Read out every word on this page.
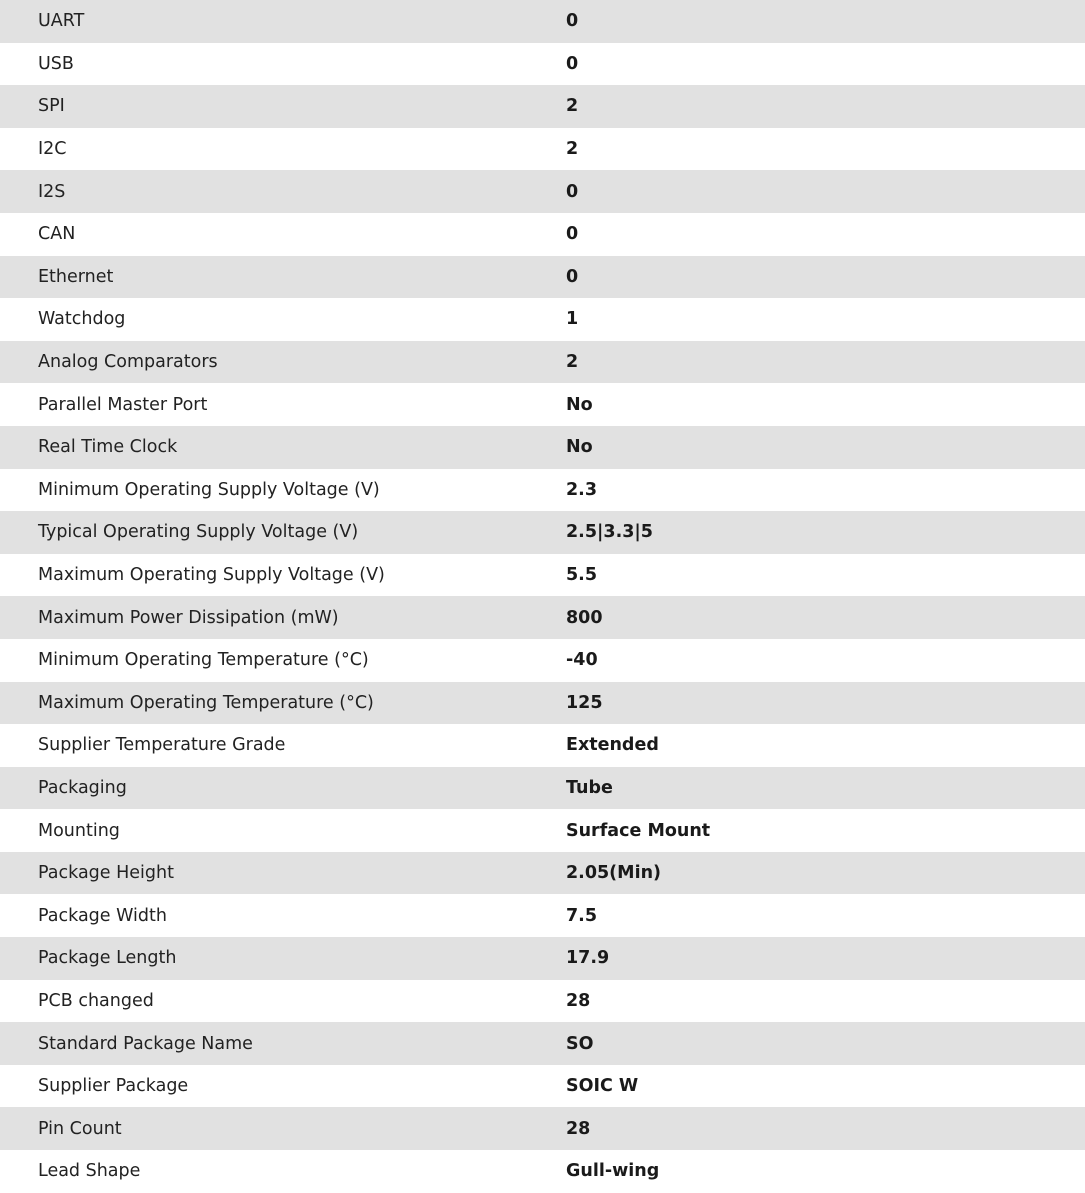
UART	0
USB	0
SPI	2
I2C	2
I2S	0
CAN	0
Ethernet	0
Watchdog	1
Analog Comparators	2
Parallel Master Port	No
Real Time Clock	No
Minimum Operating Supply Voltage (V)	2.3
Typical Operating Supply Voltage (V)	2.5|3.3|5
Maximum Operating Supply Voltage (V)	5.5
Maximum Power Dissipation (mW)	800
Minimum Operating Temperature (°C)	-40
Maximum Operating Temperature (°C)	125
Supplier Temperature Grade	Extended
Packaging	Tube
Mounting	Surface Mount
Package Height	2.05(Min)
Package Width	7.5
Package Length	17.9
PCB changed	28
Standard Package Name	SO
Supplier Package	SOIC W
Pin Count	28
Lead Shape	Gull-wing
